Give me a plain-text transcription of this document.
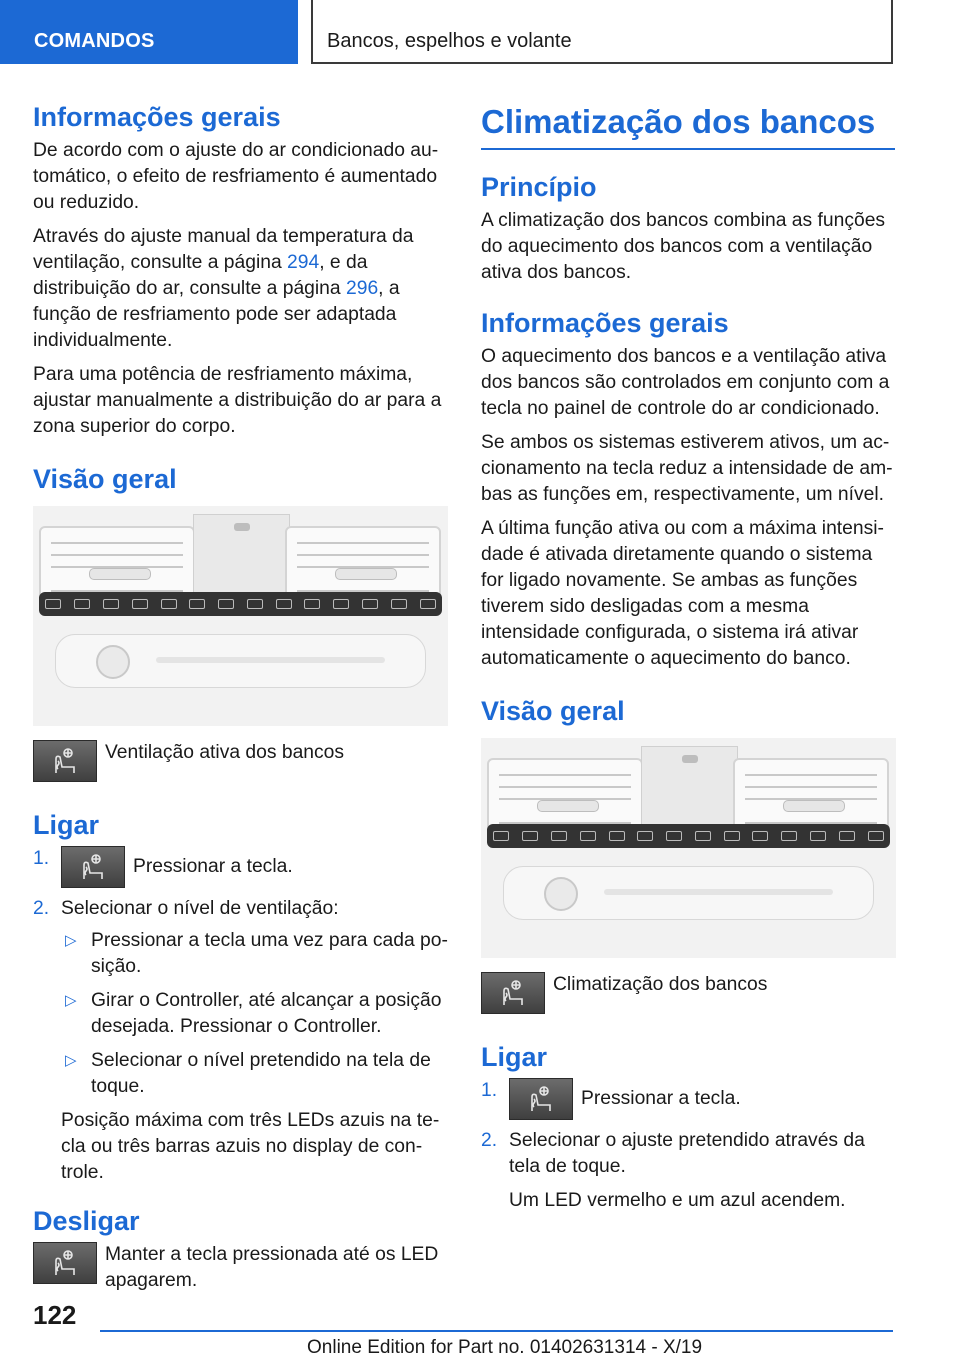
COMANDOS	Bancos, espelhos e volante
Informações gerais

De acordo com o ajuste do ar condicionado automático, o efeito de resfriamento é aumentado ou reduzido.

Através do ajuste manual da temperatura da ventilação, consulte a página 294, e da distribuição do ar, consulte a página 296, a função de resfriamento pode ser adaptada individualmente.

Para uma potência de resfriamento máxima, ajustar manualmente a distribuição do ar para a zona superior do corpo.

Visão geral
Ventilação ativa dos bancos
Ligar
1.	Pressionar a tecla.
2. Selecionar o nível de ventilação:
▷ Pressionar a tecla uma vez para cada posição.
▷ Girar o Controller, até alcançar a posição desejada. Pressionar o Controller.
▷ Selecionar o nível pretendido na tela de toque.
Posição máxima com três LEDs azuis na tecla ou três barras azuis no display de controle.
Desligar
Manter a tecla pressionada até os LED apagarem.
Climatização dos bancos
Princípio

A climatização dos bancos combina as funções do aquecimento dos bancos com a ventilação ativa dos bancos.

Informações gerais

O aquecimento dos bancos e a ventilação ativa dos bancos são controlados em conjunto com a tecla no painel de controle do ar condicionado.

Se ambos os sistemas estiverem ativos, um accionamento na tecla reduz a intensidade de ambas as funções em, respectivamente, um nível.

A última função ativa ou com a máxima intensidade é ativada diretamente quando o sistema for ligado novamente. Se ambas as funções tiverem sido desligadas com a mesma intensidade configurada, o sistema irá ativar automaticamente o aquecimento do banco.

Visão geral
Climatização dos bancos
Ligar
1.	Pressionar a tecla.
2. Selecionar o ajuste pretendido através da tela de toque.
Um LED vermelho e um azul acendem.
122
Online Edition for Part no. 01402631314 - X/19
